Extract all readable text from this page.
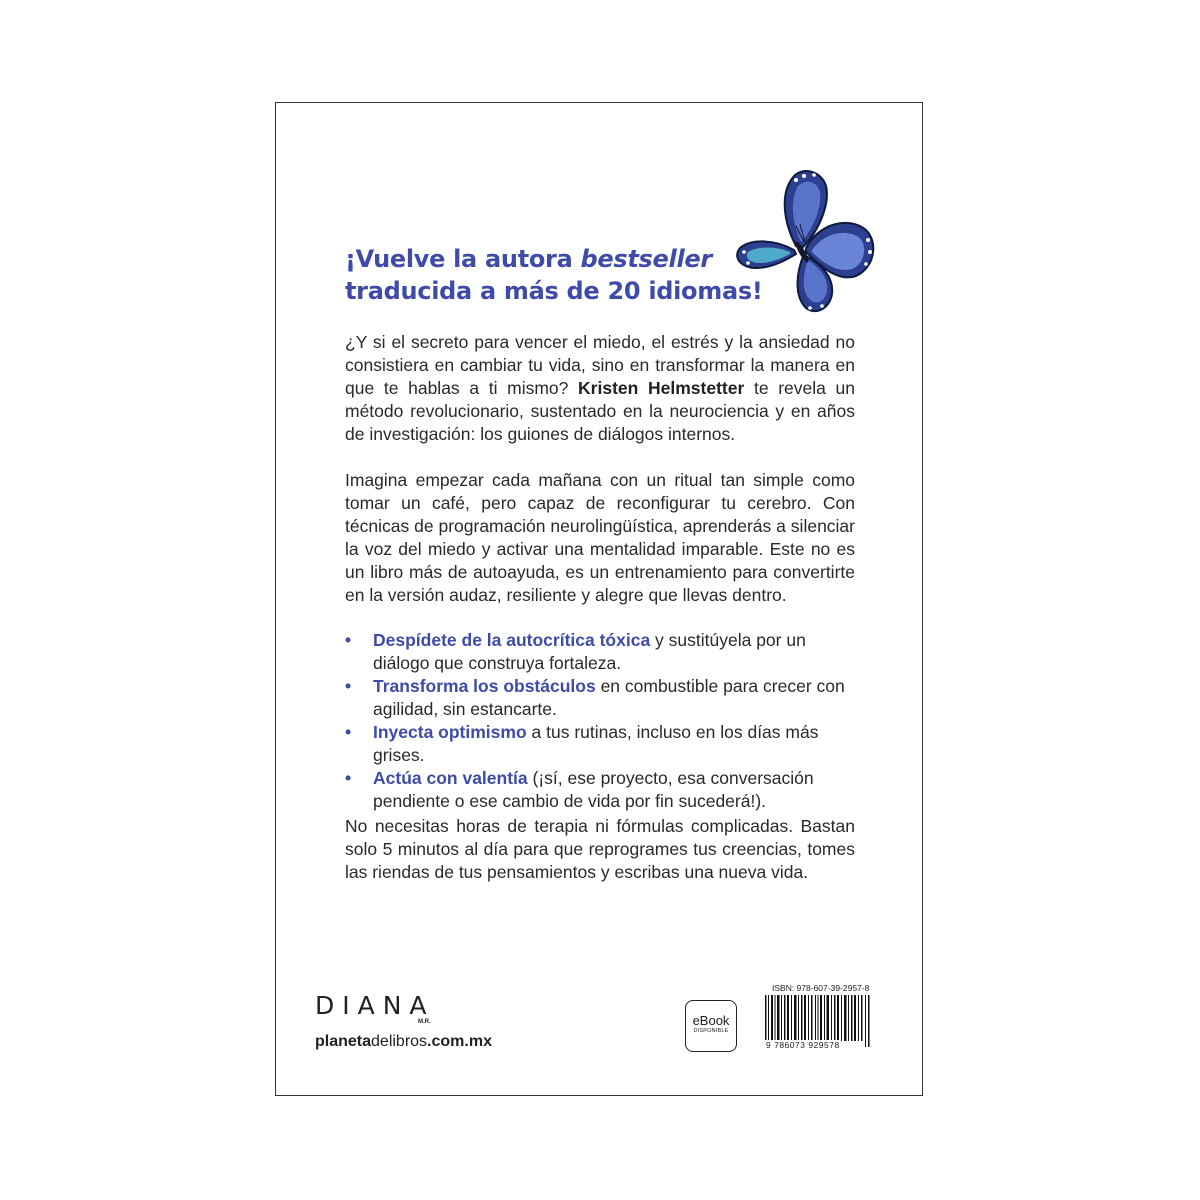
¡Vuelve la autora bestseller
traducida a más de 20 idiomas!
¿Y si el secreto para vencer el miedo, el estrés y la ansiedad no consistiera en cambiar tu vida, sino en transformar la manera en que te hablas a ti mismo? Kristen Helmstetter te revela un método revolucionario, sustentado en la neurociencia y en años de investigación: los guiones de diálogos internos.
Imagina empezar cada mañana con un ritual tan simple como tomar un café, pero capaz de reconfigurar tu cerebro. Con técnicas de programación neurolingüística, aprenderás a silenciar la voz del miedo y activar una mentalidad imparable. Este no es un libro más de autoayuda, es un entrenamiento para convertirte en la versión audaz, resiliente y alegre que llevas dentro.
• Despídete de la autocrítica tóxica y sustitúyela por un diálogo que construya fortaleza.
• Transforma los obstáculos en combustible para crecer con agilidad, sin estancarte.
• Inyecta optimismo a tus rutinas, incluso en los días más grises.
• Actúa con valentía (¡sí, ese proyecto, esa conversación pendiente o ese cambio de vida por fin sucederá!).
No necesitas horas de terapia ni fórmulas complicadas. Bastan solo 5 minutos al día para que reprogrames tus creencias, tomes las riendas de tus pensamientos y escribas una nueva vida.
DIANA
M.R.
planetadelibros.com.mx
eBook
DISPONIBLE
ISBN: 978-607-39-2957-8
9 786073 929578
